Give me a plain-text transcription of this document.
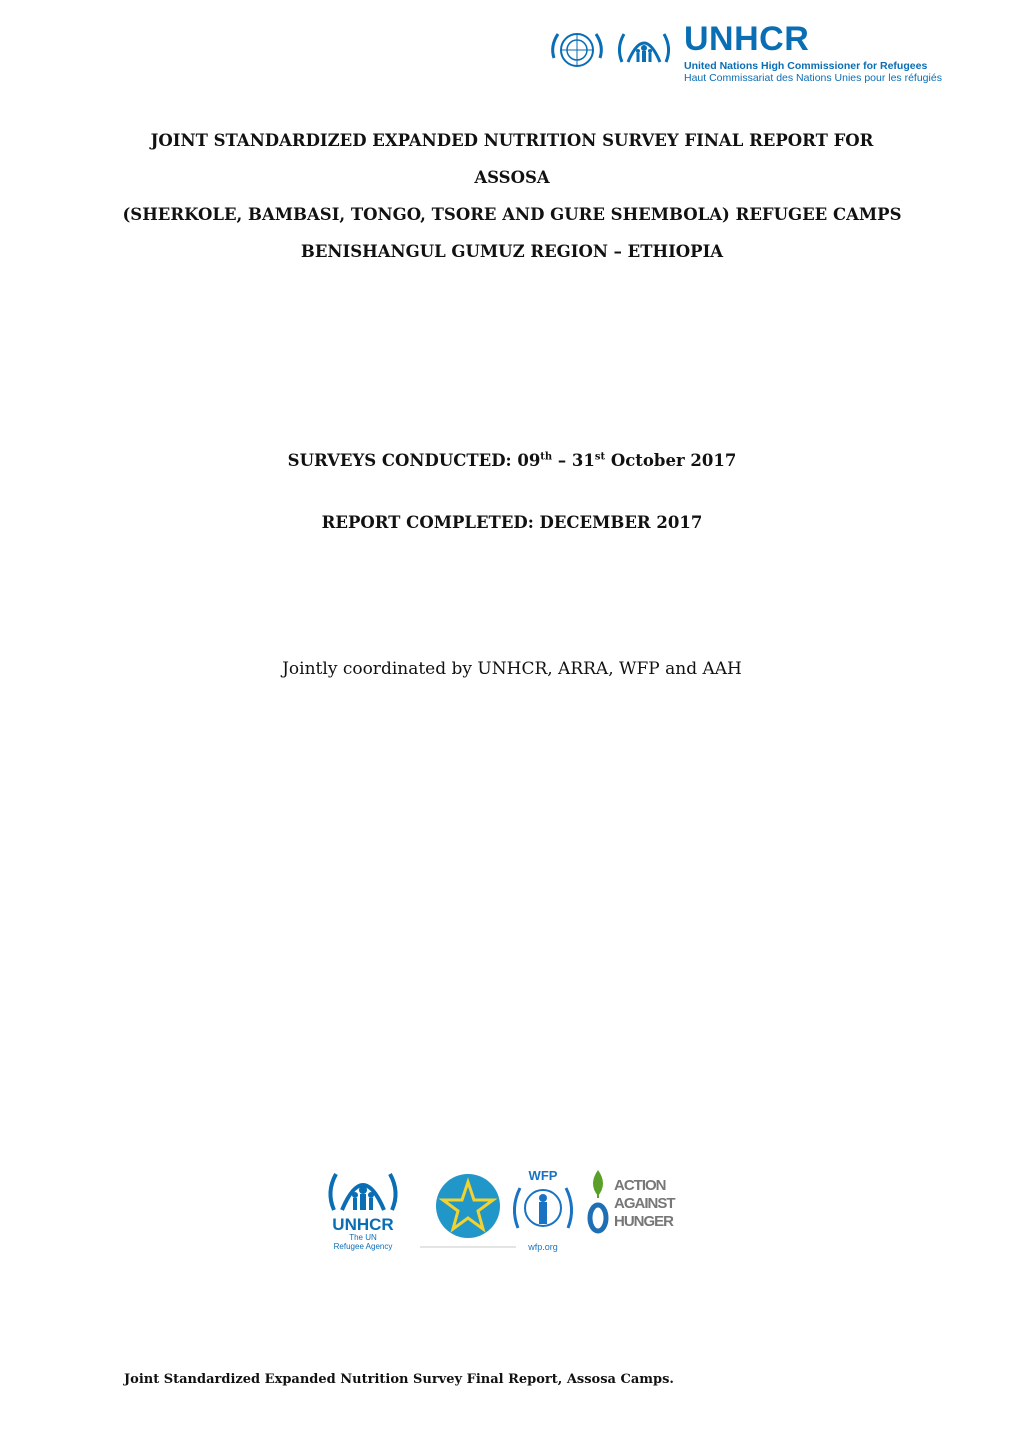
UNHCR
United Nations High Commissioner for Refugees
Haut Commissariat des Nations Unies pour les réfugiés

JOINT STANDARDIZED EXPANDED NUTRITION SURVEY FINAL REPORT FOR

ASSOSA

(SHERKOLE, BAMBASI, TONGO, TSORE AND GURE SHEMBOLA) REFUGEE CAMPS

BENISHANGUL GUMUZ REGION – ETHIOPIA

SURVEYS CONDUCTED: 09th – 31st October 2017
REPORT COMPLETED: DECEMBER 2017
Jointly coordinated by UNHCR, ARRA, WFP and AAH
UNHCR
The UN
Refugee Agency
WFP
wfp.org
ACTION
AGAINST
HUNGER
Joint Standardized Expanded Nutrition Survey Final Report, Assosa Camps.
